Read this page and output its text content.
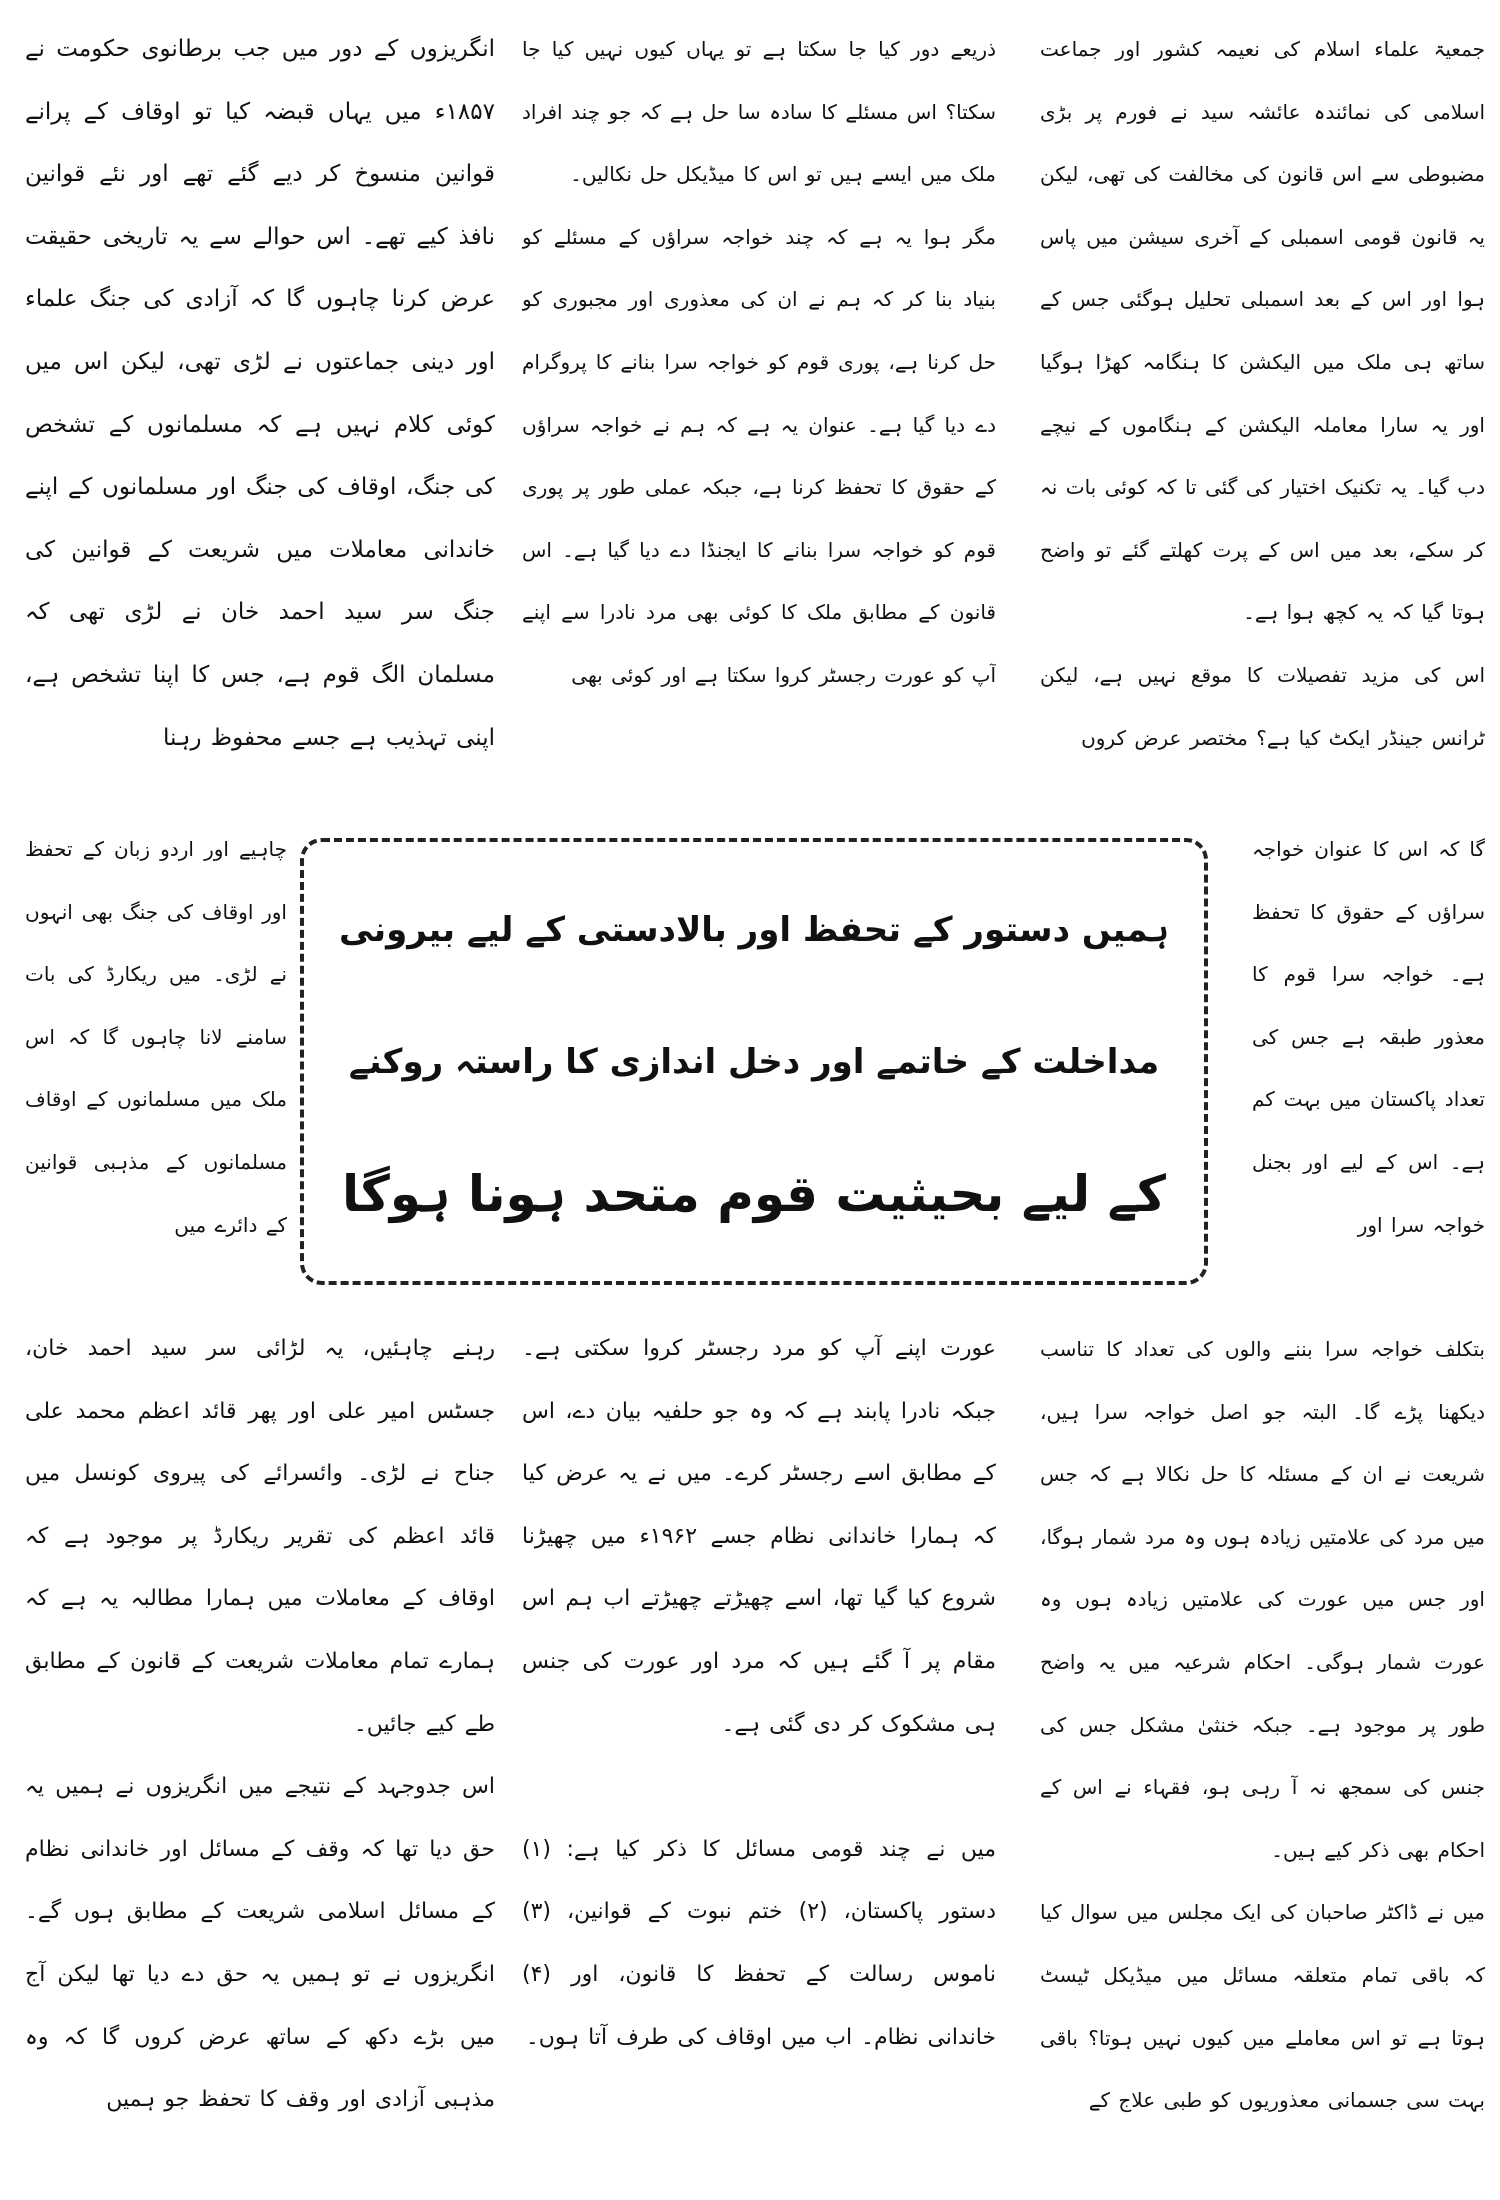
جمعیۃ علماء اسلام کی نعیمہ کشور اور جماعت اسلامی کی نمائندہ عائشہ سید نے فورم پر بڑی مضبوطی سے اس قانون کی مخالفت کی تھی، لیکن یہ قانون قومی اسمبلی کے آخری سیشن میں پاس ہوا اور اس کے بعد اسمبلی تحلیل ہوگئی جس کے ساتھ ہی ملک میں الیکشن کا ہنگامہ کھڑا ہوگیا اور یہ سارا معاملہ الیکشن کے ہنگاموں کے نیچے دب گیا۔ یہ تکنیک اختیار کی گئی تا کہ کوئی بات نہ کر سکے، بعد میں اس کے پرت کھلتے گئے تو واضح ہوتا گیا کہ یہ کچھ ہوا ہے۔

اس کی مزید تفصیلات کا موقع نہیں ہے، لیکن ٹرانس جینڈر ایکٹ کیا ہے؟ مختصر عرض کروں

ذریعے دور کیا جا سکتا ہے تو یہاں کیوں نہیں کیا جا سکتا؟ اس مسئلے کا سادہ سا حل ہے کہ جو چند افراد ملک میں ایسے ہیں تو اس کا میڈیکل حل نکالیں۔

مگر ہوا یہ ہے کہ چند خواجہ سراؤں کے مسئلے کو بنیاد بنا کر کہ ہم نے ان کی معذوری اور مجبوری کو حل کرنا ہے، پوری قوم کو خواجہ سرا بنانے کا پروگرام دے دیا گیا ہے۔ عنوان یہ ہے کہ ہم نے خواجہ سراؤں کے حقوق کا تحفظ کرنا ہے، جبکہ عملی طور پر پوری قوم کو خواجہ سرا بنانے کا ایجنڈا دے دیا گیا ہے۔ اس قانون کے مطابق ملک کا کوئی بھی مرد نادرا سے اپنے آپ کو عورت رجسٹر کروا سکتا ہے اور کوئی بھی

انگریزوں کے دور میں جب برطانوی حکومت نے ۱۸۵۷ء میں یہاں قبضہ کیا تو اوقاف کے پرانے قوانین منسوخ کر دیے گئے تھے اور نئے قوانین نافذ کیے تھے۔ اس حوالے سے یہ تاریخی حقیقت عرض کرنا چاہوں گا کہ آزادی کی جنگ علماء اور دینی جماعتوں نے لڑی تھی، لیکن اس میں کوئی کلام نہیں ہے کہ مسلمانوں کے تشخص کی جنگ، اوقاف کی جنگ اور مسلمانوں کے اپنے خاندانی معاملات میں شریعت کے قوانین کی جنگ سر سید احمد خان نے لڑی تھی کہ مسلمان الگ قوم ہے، جس کا اپنا تشخص ہے، اپنی تہذیب ہے جسے محفوظ رہنا

چاہیے اور اردو زبان کے تحفظ اور اوقاف کی جنگ بھی انہوں نے لڑی۔ میں ریکارڈ کی بات سامنے لانا چاہوں گا کہ اس ملک میں مسلمانوں کے اوقاف مسلمانوں کے مذہبی قوانین کے دائرے میں

ہمیں دستور کے تحفظ اور بالادستی کے لیے بیرونی
مداخلت کے خاتمے اور دخل اندازی کا راستہ روکنے
کے لیے بحیثیت قوم متحد ہونا ہوگا

گا کہ اس کا عنوان خواجہ سراؤں کے حقوق کا تحفظ ہے۔ خواجہ سرا قوم کا معذور طبقہ ہے جس کی تعداد پاکستان میں بہت کم ہے۔ اس کے لیے اور بجنل خواجہ سرا اور

بتکلف خواجہ سرا بننے والوں کی تعداد کا تناسب دیکھنا پڑے گا۔ البتہ جو اصل خواجہ سرا ہیں، شریعت نے ان کے مسئلہ کا حل نکالا ہے کہ جس میں مرد کی علامتیں زیادہ ہوں وہ مرد شمار ہوگا، اور جس میں عورت کی علامتیں زیادہ ہوں وہ عورت شمار ہوگی۔ احکام شرعیہ میں یہ واضح طور پر موجود ہے۔ جبکہ خنثیٰ مشکل جس کی جنس کی سمجھ نہ آ رہی ہو، فقہاء نے اس کے احکام بھی ذکر کیے ہیں۔

میں نے ڈاکٹر صاحبان کی ایک مجلس میں سوال کیا کہ باقی تمام متعلقہ مسائل میں میڈیکل ٹیسٹ ہوتا ہے تو اس معاملے میں کیوں نہیں ہوتا؟ باقی بہت سی جسمانی معذوریوں کو طبی علاج کے

عورت اپنے آپ کو مرد رجسٹر کروا سکتی ہے۔ جبکہ نادرا پابند ہے کہ وہ جو حلفیہ بیان دے، اس کے مطابق اسے رجسٹر کرے۔ میں نے یہ عرض کیا کہ ہمارا خاندانی نظام جسے ۱۹۶۲ء میں چھیڑنا شروع کیا گیا تھا، اسے چھیڑتے چھیڑتے اب ہم اس مقام پر آ گئے ہیں کہ مرد اور عورت کی جنس ہی مشکوک کر دی گئی ہے۔

میں نے چند قومی مسائل کا ذکر کیا ہے: (۱) دستور پاکستان، (۲) ختم نبوت کے قوانین، (۳) ناموس رسالت کے تحفظ کا قانون، اور (۴) خاندانی نظام۔ اب میں اوقاف کی طرف آتا ہوں۔

رہنے چاہئیں، یہ لڑائی سر سید احمد خان، جسٹس امیر علی اور پھر قائد اعظم محمد علی جناح نے لڑی۔ وائسرائے کی پیروی کونسل میں قائد اعظم کی تقریر ریکارڈ پر موجود ہے کہ اوقاف کے معاملات میں ہمارا مطالبہ یہ ہے کہ ہمارے تمام معاملات شریعت کے قانون کے مطابق طے کیے جائیں۔

اس جدوجہد کے نتیجے میں انگریزوں نے ہمیں یہ حق دیا تھا کہ وقف کے مسائل اور خاندانی نظام کے مسائل اسلامی شریعت کے مطابق ہوں گے۔ انگریزوں نے تو ہمیں یہ حق دے دیا تھا لیکن آج میں بڑے دکھ کے ساتھ عرض کروں گا کہ وہ مذہبی آزادی اور وقف کا تحفظ جو ہمیں
